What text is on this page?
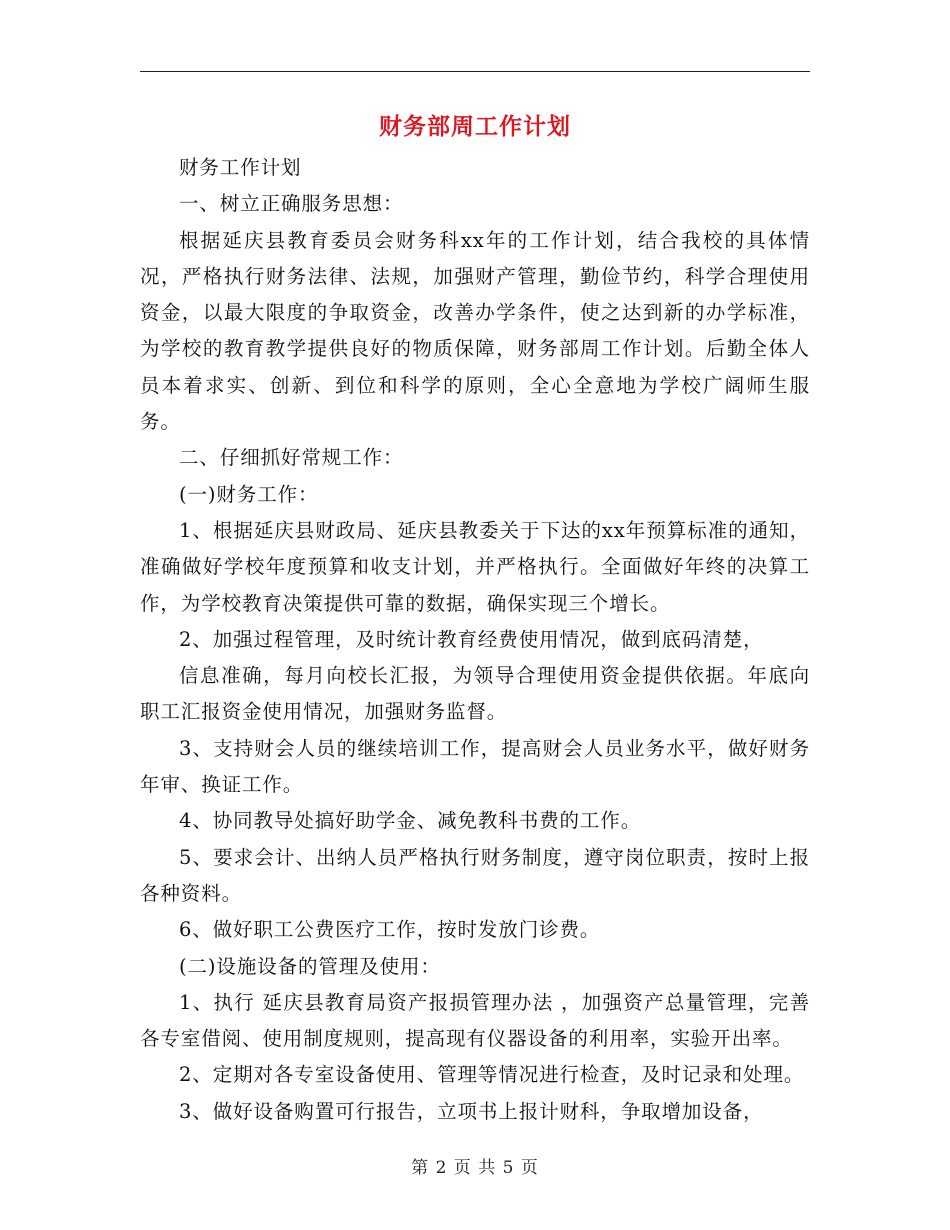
财务部周工作计划

财务工作计划

一、树立正确服务思想：

根据延庆县教育委员会财务科xx年的工作计划，结合我校的具体情况，严格执行财务法律、法规，加强财产管理，勤俭节约，科学合理使用资金，以最大限度的争取资金，改善办学条件，使之达到新的办学标准，为学校的教育教学提供良好的物质保障，财务部周工作计划。后勤全体人员本着求实、创新、到位和科学的原则，全心全意地为学校广阔师生服务。

二、仔细抓好常规工作：

(一)财务工作：

1、根据延庆县财政局、延庆县教委关于下达的xx年预算标准的通知，准确做好学校年度预算和收支计划，并严格执行。全面做好年终的决算工作，为学校教育决策提供可靠的数据，确保实现三个增长。

2、加强过程管理，及时统计教育经费使用情况，做到底码清楚，

信息准确，每月向校长汇报，为领导合理使用资金提供依据。年底向职工汇报资金使用情况，加强财务监督。

3、支持财会人员的继续培训工作，提高财会人员业务水平，做好财务年审、换证工作。

4、协同教导处搞好助学金、减免教科书费的工作。

5、要求会计、出纳人员严格执行财务制度，遵守岗位职责，按时上报各种资料。

6、做好职工公费医疗工作，按时发放门诊费。

(二)设施设备的管理及使用：

1、执行 延庆县教育局资产报损管理办法 ，加强资产总量管理，完善各专室借阅、使用制度规则，提高现有仪器设备的利用率，实验开出率。

2、定期对各专室设备使用、管理等情况进行检查，及时记录和处理。

3、做好设备购置可行报告，立项书上报计财科，争取增加设备，

第 2 页 共 5 页
